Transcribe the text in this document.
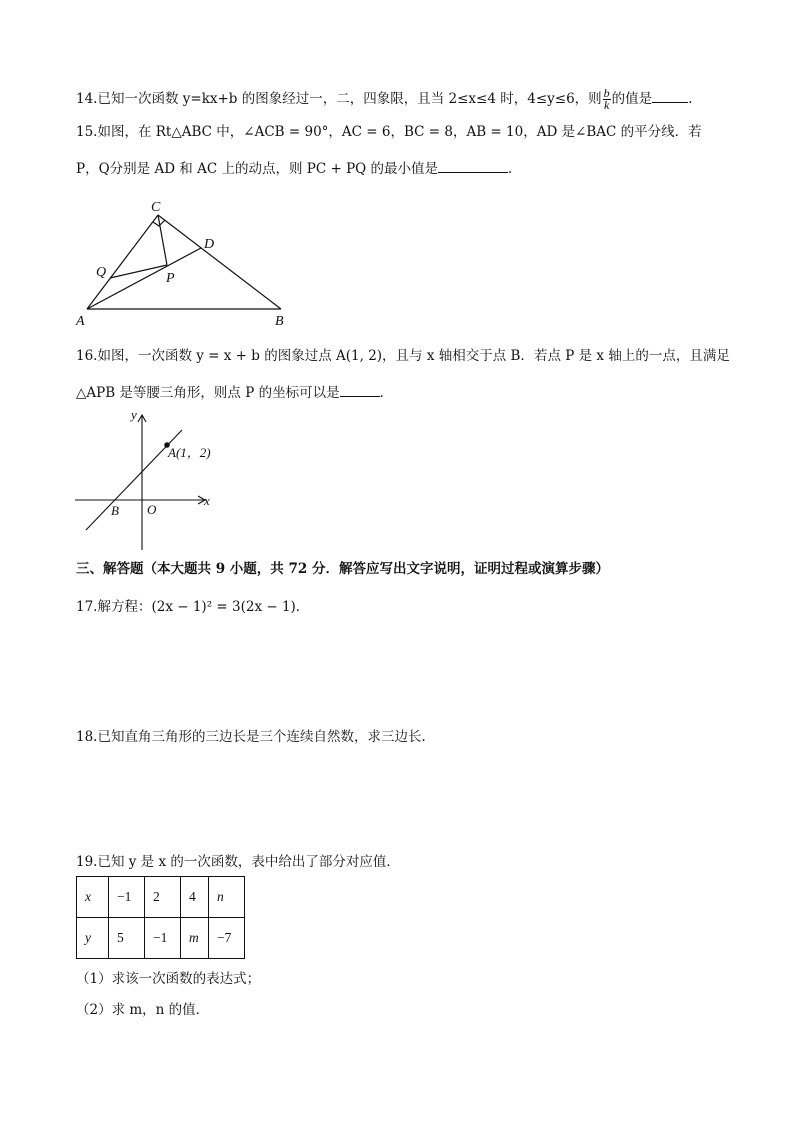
14.已知一次函数 y=kx+b 的图象经过一，二，四象限，且当 2≤x≤4 时，4≤y≤6，则 $\frac{b}{k}$ 的值是	.
15.如图，在 Rt△ABC 中，∠ACB = 90°，AC = 6，BC = 8，AB = 10，AD 是∠BAC 的平分线．若
P，Q分别是 AD 和 AC 上的动点，则 PC + PQ 的最小值是	．
C
D
Q	P
A	B
16.如图，一次函数 y = x + b 的图象过点 A(1, 2)，且与 x 轴相交于点 B．若点 P 是 x 轴上的一点，且满足
△APB 是等腰三角形，则点 P 的坐标可以是	．
y
x
O
B
A(1，2)
三、解答题（本大题共 9 小题，共 72 分．解答应写出文字说明，证明过程或演算步骤）
17.解方程：(2x − 1)² = 3(2x − 1)．
18.已知直角三角形的三边长是三个连续自然数，求三边长．
19.已知 y 是 x 的一次函数，表中给出了部分对应值．
x	−1	2	4	n
y	5	−1	m	−7
（1）求该一次函数的表达式；
（2）求 m，n 的值．
